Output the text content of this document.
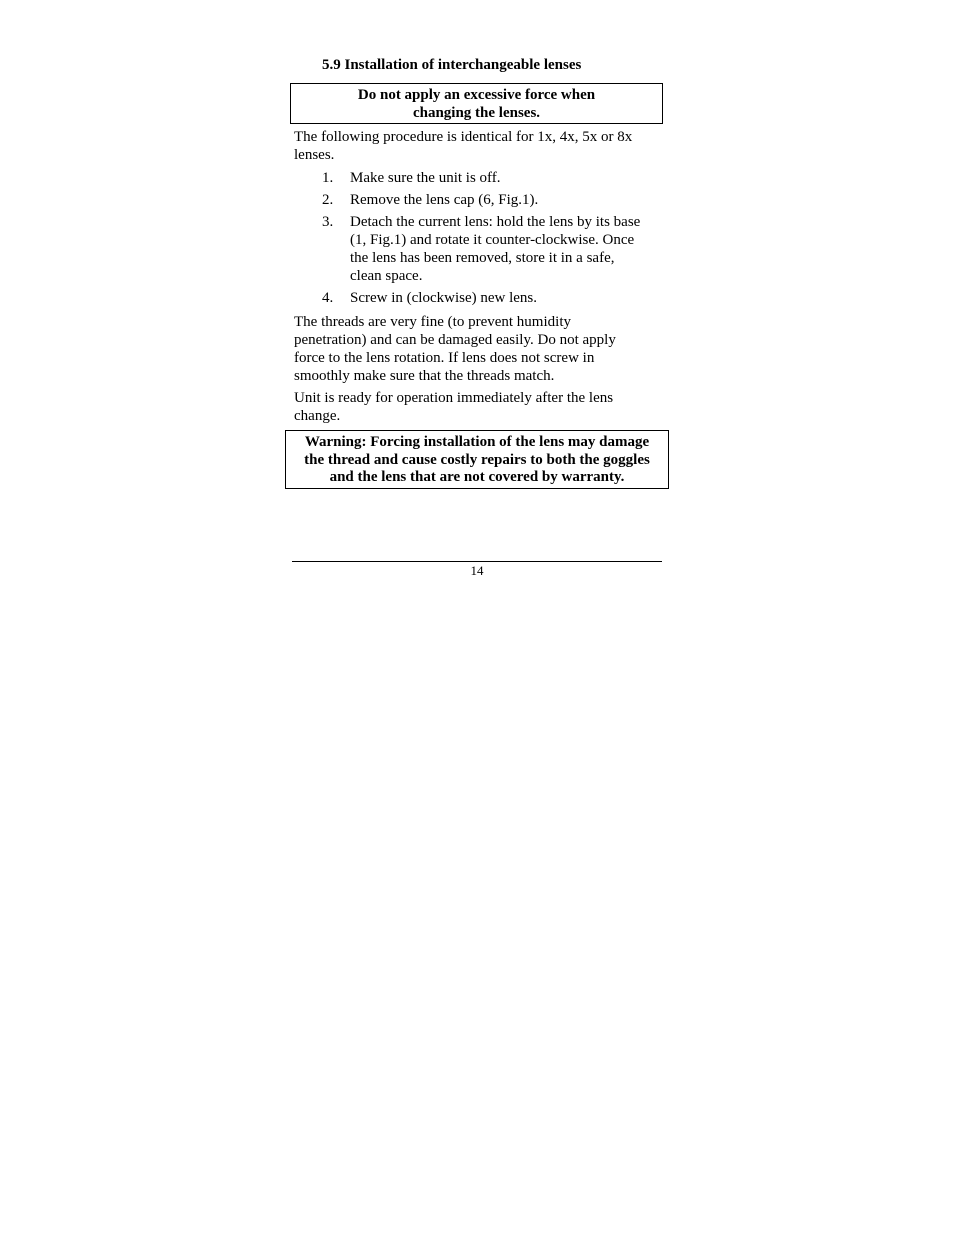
5.9 Installation of interchangeable lenses
Do not apply an excessive force when
changing the lenses.
The following procedure is identical for 1x, 4x, 5x or 8x
lenses.
1. Make sure the unit is off.
2. Remove the lens cap (6, Fig.1).
3. Detach the current lens: hold the lens by its base
(1, Fig.1) and rotate it counter-clockwise. Once
the lens has been removed, store it in a safe,
clean space.
4. Screw in (clockwise) new lens.
The threads are very fine (to prevent humidity
penetration) and can be damaged easily. Do not apply
force to the lens rotation. If lens does not screw in
smoothly make sure that the threads match.
Unit is ready for operation immediately after the lens
change.
Warning: Forcing installation of the lens may damage
the thread and cause costly repairs to both the goggles
and the lens that are not covered by warranty.
14
